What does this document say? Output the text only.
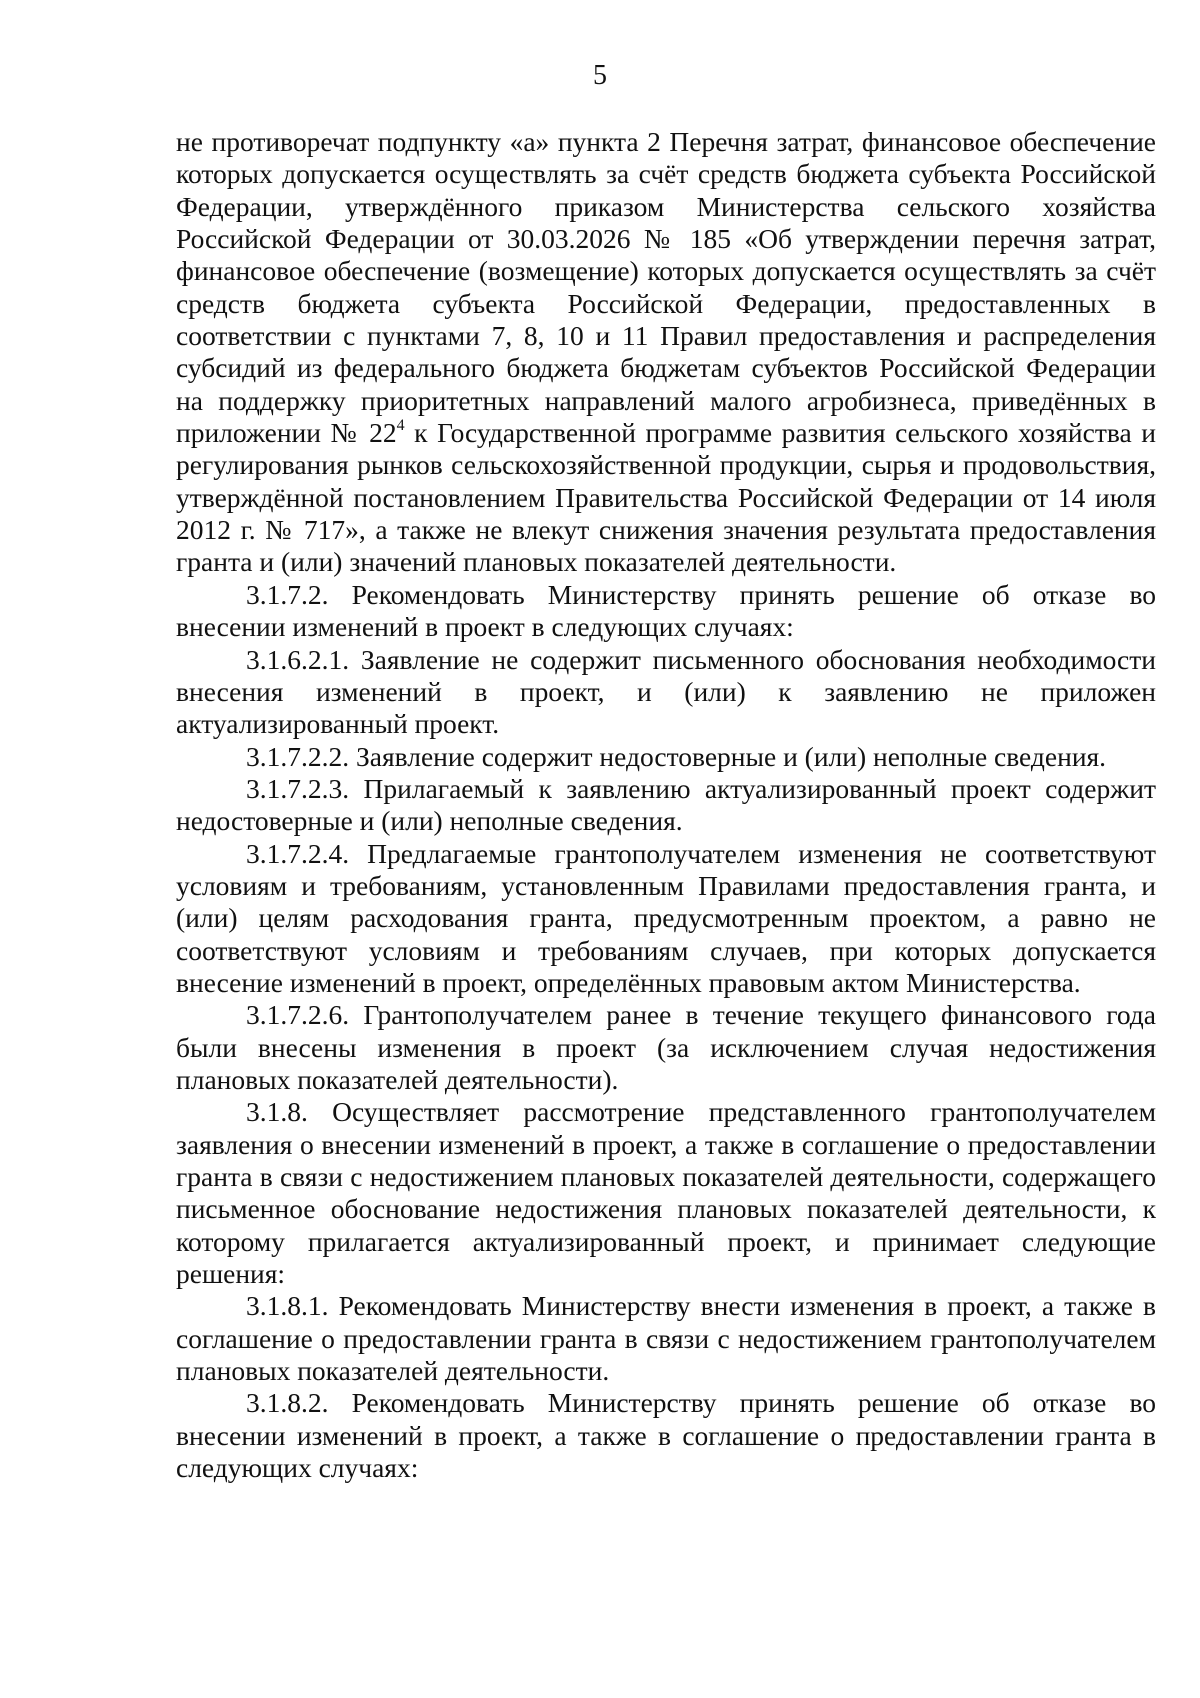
5

не противоречат подпункту «а» пункта 2 Перечня затрат, финансовое обеспечение которых допускается осуществлять за счёт средств бюджета субъекта Российской Федерации, утверждённого приказом Министерства сельского хозяйства Российской Федерации от 30.03.2026 № 185 «Об утверждении перечня затрат, финансовое обеспечение (возмещение) которых допускается осуществлять за счёт средств бюджета субъекта Российской Федерации, предоставленных в соответствии с пунктами 7, 8, 10 и 11 Правил предоставления и распределения субсидий из федерального бюджета бюджетам субъектов Российской Федерации на поддержку приоритетных направлений малого агробизнеса, приведённых в приложении № $22^4$ к Государственной программе развития сельского хозяйства и регулирования рынков сельскохозяйственной продукции, сырья и продовольствия, утверждённой постановлением Правительства Российской Федерации от 14 июля 2012 г. № 717», а также не влекут снижения значения результата предоставления гранта и (или) значений плановых показателей деятельности.

3.1.7.2. Рекомендовать Министерству принять решение об отказе во внесении изменений в проект в следующих случаях:

3.1.6.2.1. Заявление не содержит письменного обоснования необходимости внесения изменений в проект, и (или) к заявлению не приложен актуализированный проект.

3.1.7.2.2. Заявление содержит недостоверные и (или) неполные сведения.

3.1.7.2.3. Прилагаемый к заявлению актуализированный проект содержит недостоверные и (или) неполные сведения.

3.1.7.2.4. Предлагаемые грантополучателем изменения не соответствуют условиям и требованиям, установленным Правилами предоставления гранта, и (или) целям расходования гранта, предусмотренным проектом, а равно не соответствуют условиям и требованиям случаев, при которых допускается внесение изменений в проект, определённых правовым актом Министерства.

3.1.7.2.6. Грантополучателем ранее в течение текущего финансового года были внесены изменения в проект (за исключением случая недостижения плановых показателей деятельности).

3.1.8. Осуществляет рассмотрение представленного грантополучателем заявления о внесении изменений в проект, а также в соглашение о предоставлении гранта в связи с недостижением плановых показателей деятельности, содержащего письменное обоснование недостижения плановых показателей деятельности, к которому прилагается актуализированный проект, и принимает следующие решения:

3.1.8.1. Рекомендовать Министерству внести изменения в проект, а также в соглашение о предоставлении гранта в связи с недостижением грантополучателем плановых показателей деятельности.

3.1.8.2. Рекомендовать Министерству принять решение об отказе во внесении изменений в проект, а также в соглашение о предоставлении гранта в следующих случаях:
